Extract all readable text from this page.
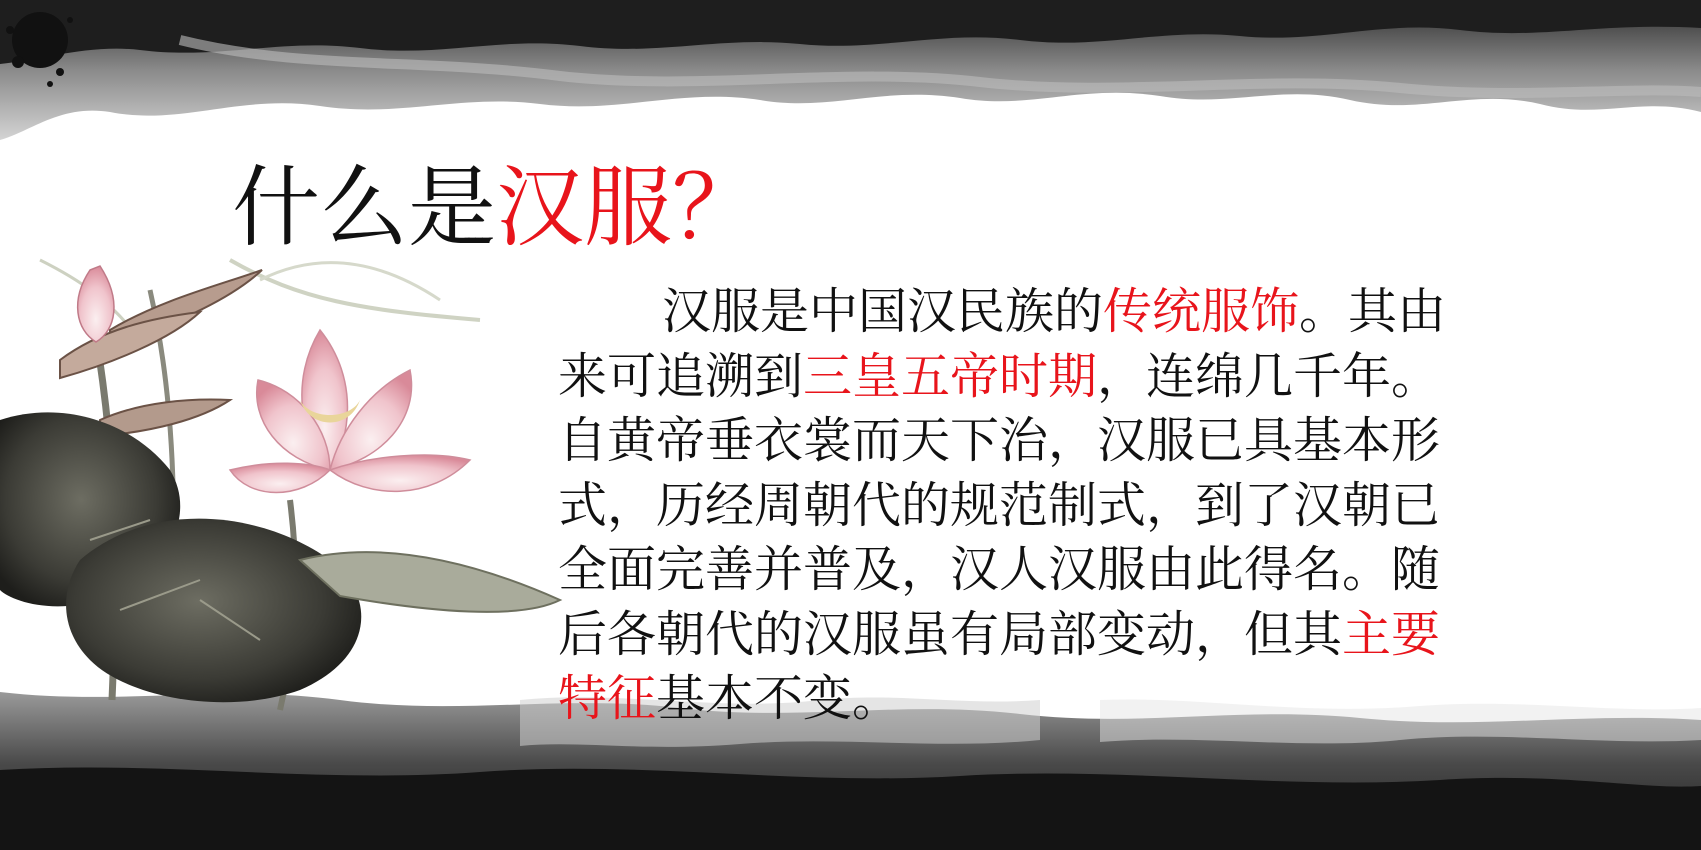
什么是汉服？

汉服是中国汉民族的传统服饰。其由
来可追溯到三皇五帝时期，连绵几千年。
自黄帝垂衣裳而天下治，汉服已具基本形
式，历经周朝代的规范制式，到了汉朝已
全面完善并普及，汉人汉服由此得名。随
后各朝代的汉服虽有局部变动，但其主要
特征基本不变。
